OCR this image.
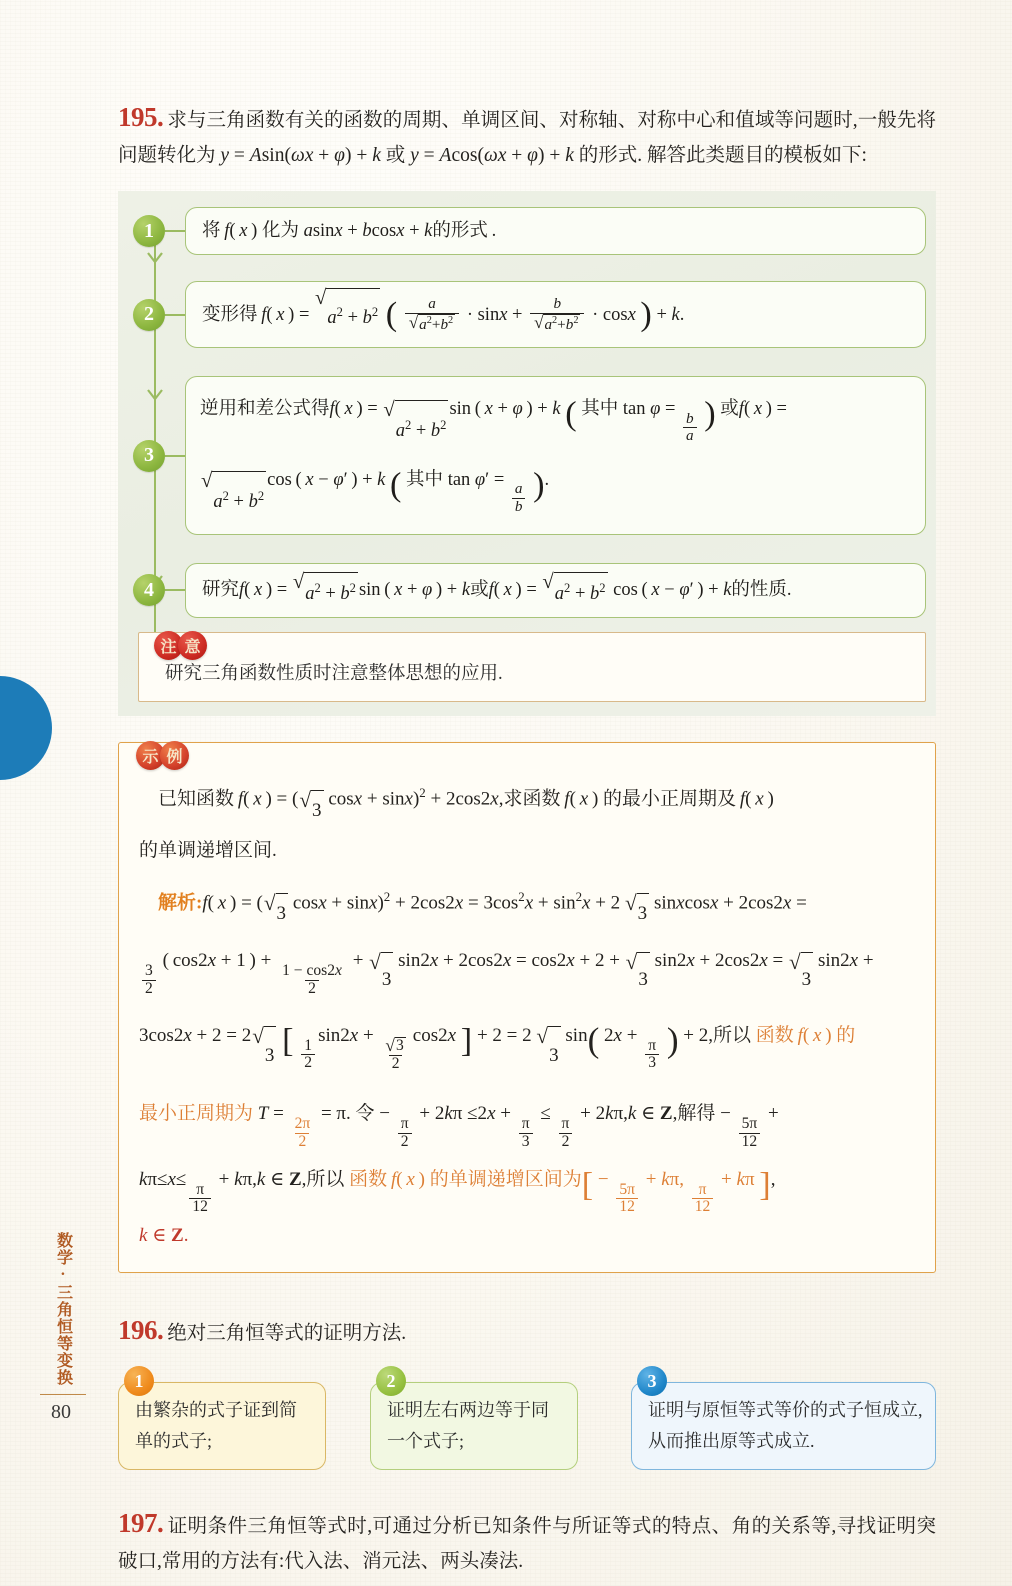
数学·三角恒等变换
80
195. 求与三角函数有关的函数的周期、单调区间、对称轴、对称中心和值域等问题时,一般先将问题转化为 y = Asin(ωx + φ) + k 或 y = Acos(ωx + φ) + k 的形式. 解答此类题目的模板如下:
1	将  f (  x  ) 化为 a sin x + b cos x + k 的形式 .
2	变形得  f (  x  ) =
√
$a^2 + b^2$
(
$\frac{a}{√ a^2+b^2} \cdot \sin x + \frac{b}{√ a^2+b^2} \cdot \cos x$
) + k .
3
逆用和差公式得f( x ) = √
$a^2 + b^2$
sin ( x + φ ) + k ( 其中 tan φ =
$\frac{b}{a}$ ) 或f( x ) =

√
$a^2 + b^2$
cos ( x − φ′ ) + k ( 其中 tan φ′ =
$\frac{a}{b}$ ).
4	研究 f (  x  ) = √
$a^2 + b^2$ sin  (  x + φ  ) + k 或 f (  x  ) = √
$a^2 + b^2$
cos  (  x − φ ′ ) + k 的性质.
注 意
研究三角函数性质时注意整体思想的应用.
示 例
 已知函数 f( x ) = ( √ 3
 cosx + sinx)$^2$ + 2cos2x,求函数 f( x ) 的最小正周期及 f( x )
的单调递增区间.
 解析:f( x ) = ( √ 3
 $\cos x + \sin x)^2 + 2\cos 2x = 3\cos^2x + \sin^2x + 2$  √ 3
 sinxcosx + 2cos2x =
$\frac{3}{2}$
 ( cos2x + 1 ) +
$\frac{1 - \cos 2x}{2}$
+ √
3
 sin2x + 2cos2x = cos2x + 2 + √
3
 sin2x + 2cos2x = √
3
 sin2x +
3cos2x + 2 = 2 √
3 [ $\frac{1}{2}$
sin2x +
$\frac{√ 3}{2}$
cos2x ] + 2 = 2  √
3
 sin( 2x +
$\frac{\pi}{3}$ ) + 2,所以 函数 f( x ) 的
最小正周期为 T =
$\frac{2\pi}{2}$
= π. 令 −
$\frac{\pi}{2}$
+ 2kπ ≤2x +
$\frac{\pi}{3}$
≤
$\frac{\pi}{2}$
+ 2kπ,k ∈ Z,解得 −
$\frac{5\pi}{12}$
+
kπ≤x≤
$\frac{\pi}{12}$
+ kπ,k ∈ Z,所以 函数 f( x ) 的单调递增区间为[ −
$\frac{5\pi}{12}$
+ kπ,
$\frac{\pi}{12}$
+ kπ ],
k ∈ Z.
196. 绝对三角恒等式的证明方法.
1
由繁杂的式子证到简单的式子;
2
证明左右两边等于同一个式子;
3
证明与原恒等式等价的式子恒成立,从而推出原等式成立.
197. 证明条件三角恒等式时,可通过分析已知条件与所证等式的特点、角的关系等,寻找证明突破口,常用的方法有:代入法、消元法、两头凑法.
